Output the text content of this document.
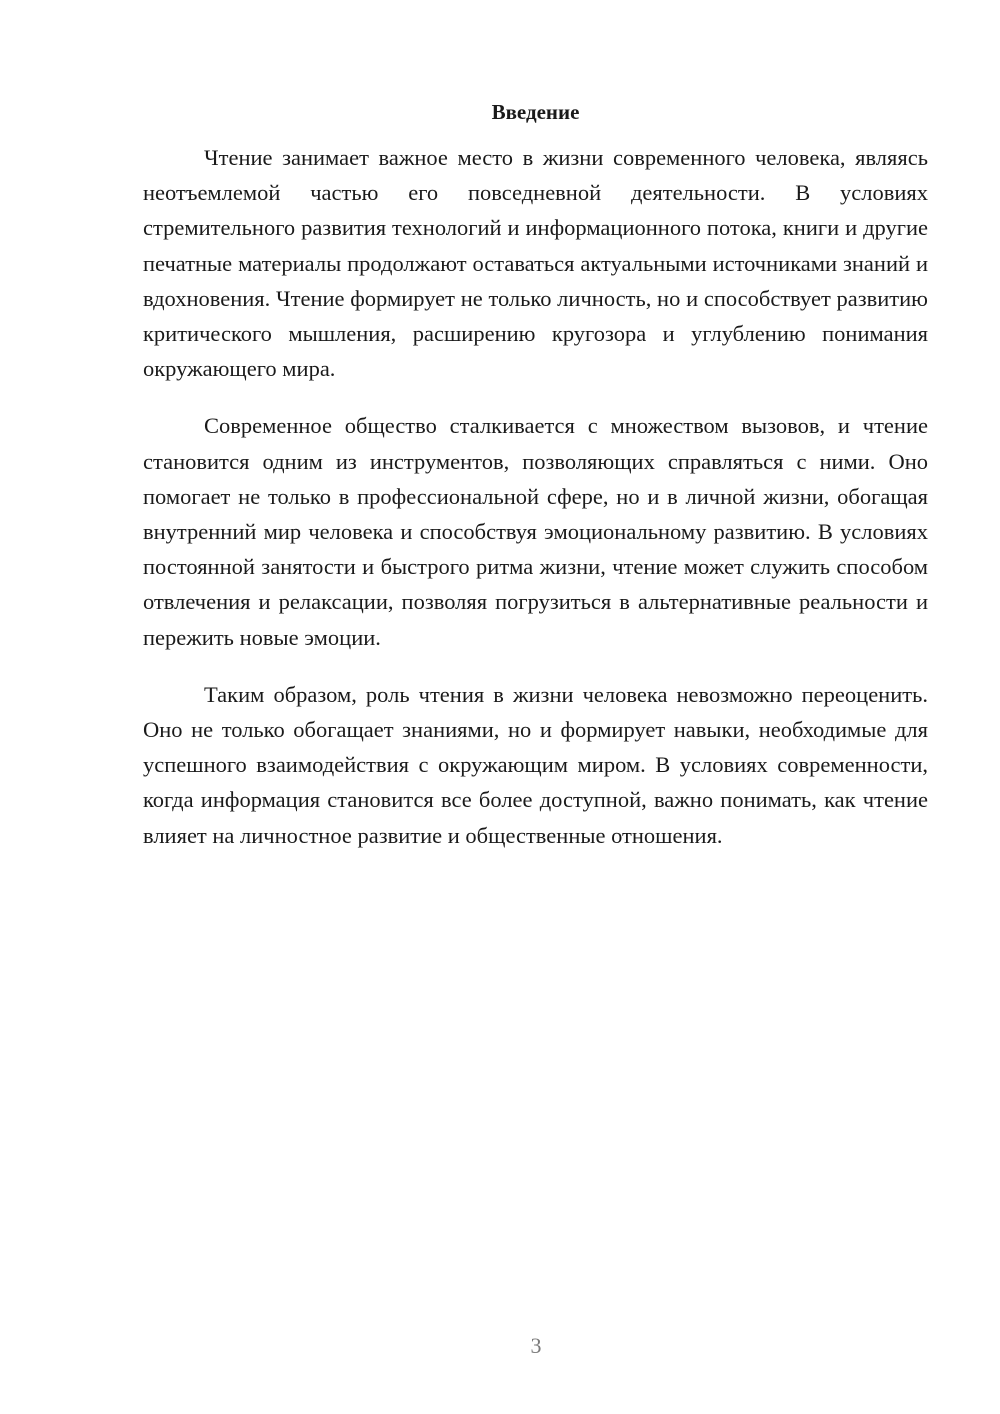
Введение

Чтение занимает важное место в жизни современного человека, являясь неотъемлемой частью его повседневной деятельности. В условиях стремительного развития технологий и информационного потока, книги и другие печатные материалы продолжают оставаться актуальными источниками знаний и вдохновения. Чтение формирует не только личность, но и способствует развитию критического мышления, расширению кругозора и углублению понимания окружающего мира.

Современное общество сталкивается с множеством вызовов, и чтение становится одним из инструментов, позволяющих справляться с ними. Оно помогает не только в профессиональной сфере, но и в личной жизни, обогащая внутренний мир человека и способствуя эмоциональному развитию. В условиях постоянной занятости и быстрого ритма жизни, чтение может служить способом отвлечения и релаксации, позволяя погрузиться в альтернативные реальности и пережить новые эмоции.

Таким образом, роль чтения в жизни человека невозможно переоценить. Оно не только обогащает знаниями, но и формирует навыки, необходимые для успешного взаимодействия с окружающим миром. В условиях современности, когда информация становится все более доступной, важно понимать, как чтение влияет на личностное развитие и общественные отношения.

3
